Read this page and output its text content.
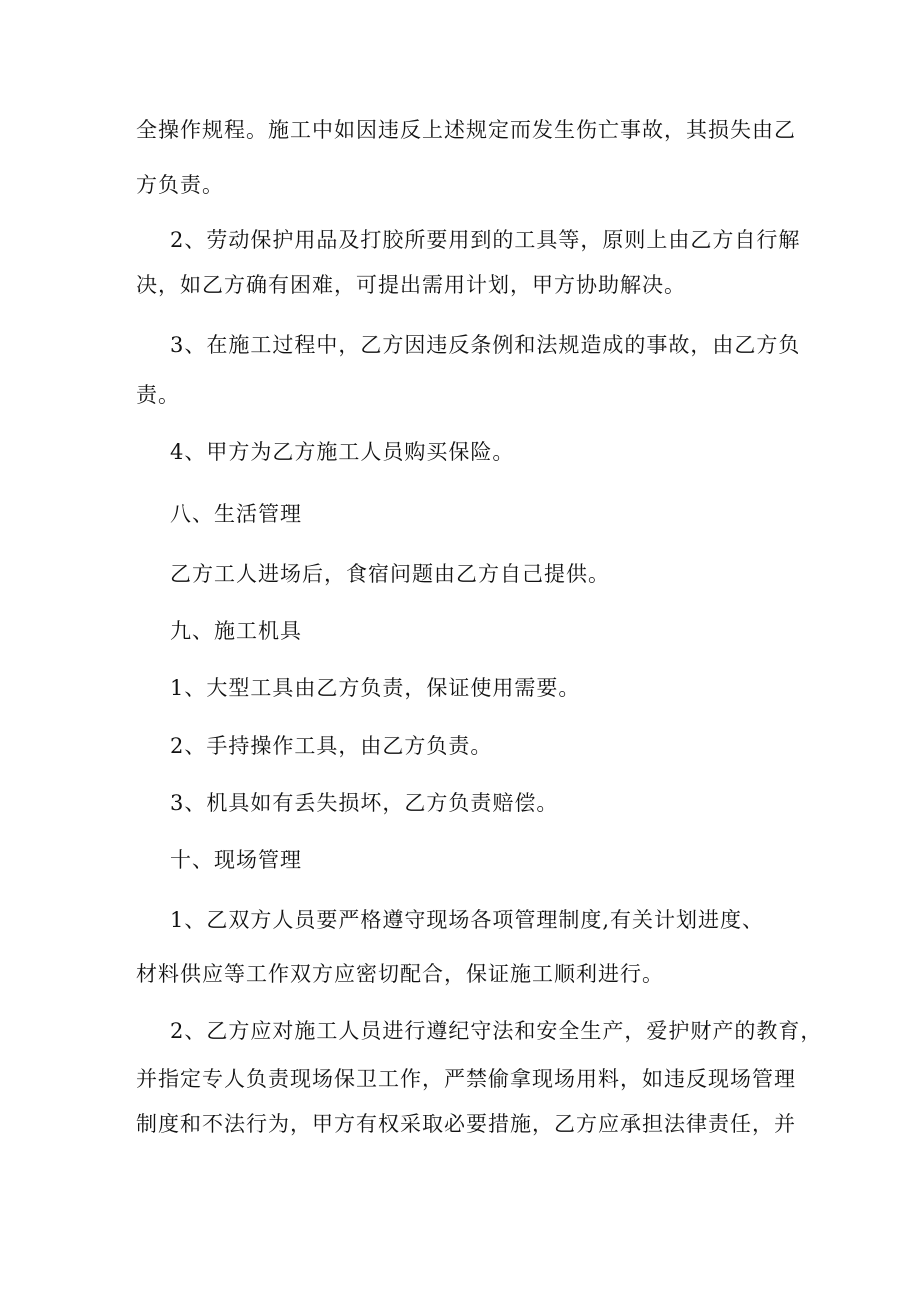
全操作规程。施工中如因违反上述规定而发生伤亡事故，其损失由乙
方负责。
2、劳动保护用品及打胶所要用到的工具等，原则上由乙方自行解
决，如乙方确有困难，可提出需用计划，甲方协助解决。
3、在施工过程中，乙方因违反条例和法规造成的事故，由乙方负
责。
4、甲方为乙方施工人员购买保险。
八、生活管理
乙方工人进场后，食宿问题由乙方自己提供。
九、施工机具
1、大型工具由乙方负责，保证使用需要。
2、手持操作工具，由乙方负责。
3、机具如有丢失损坏，乙方负责赔偿。
十、现场管理
1、乙双方人员要严格遵守现场各项管理制度,有关计划进度、
材料供应等工作双方应密切配合，保证施工顺利进行。
2、乙方应对施工人员进行遵纪守法和安全生产，爱护财产的教育，
并指定专人负责现场保卫工作，严禁偷拿现场用料，如违反现场管理
制度和不法行为，甲方有权采取必要措施，乙方应承担法律责任，并
